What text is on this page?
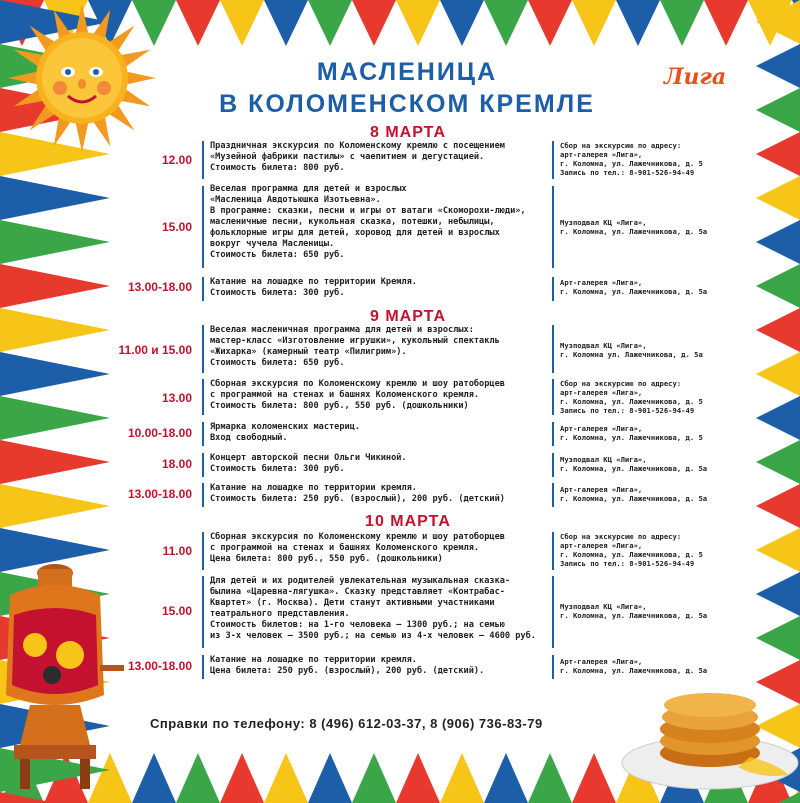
МАСЛЕНИЦА
В КОЛОМЕНСКОМ КРЕМЛЕ
Лига
8 МАРТА
12.00
Праздничная экскурсия по Коломенскому кремлю с посещением
«Музейной фабрики пастилы» с чаепитием и дегустацией.
Стоимость билета: 800 руб.
Сбор на экскурсию по адресу:
арт-галерея «Лига»,
г. Коломна, ул. Лажечникова, д. 5
Запись по тел.: 8-901-526-94-49
15.00
Веселая программа для детей и взрослых
«Масленица Авдотьюшка Изотьевна».
В программе: сказки, песни и игры от ватаги «Скоморохи-люди»,
масленичные песни, кукольная сказка, потешки, небылицы,
фольклорные игры для детей, хоровод для детей и взрослых
вокруг чучела Масленицы.
Стоимость билета: 650 руб.
Музподвал КЦ «Лига»,
г. Коломна, ул. Лажечникова, д. 5а
13.00-18.00 Катание на лошадке по территории Кремля.
Стоимость билета: 300 руб.
Арт-галерея «Лига»,
г. Коломна, ул. Лажечникова, д. 5а
9 МАРТА
11.00 и 15.00
Веселая масленичная программа для детей и взрослых:
мастер-класс «Изготовление игрушки», кукольный спектакль
«Жихарка» (камерный театр «Пилигрим»).
Стоимость билета: 650 руб.
Музподвал КЦ «Лига»,
г. Коломна ул. Лажечникова, д. 5а
13.00
Сборная экскурсия по Коломенскому кремлю и шоу ратоборцев
с программой на стенах и башнях Коломенского кремля.
Стоимость билета: 800 руб., 550 руб. (дошкольники)
Сбор на экскурсию по адресу:
арт-галерея «Лига»,
г. Коломна, ул. Лажечникова, д. 5
Запись по тел.: 8-901-526-94-49
10.00-18.00 Ярмарка коломенских мастериц.
Вход свободный.
Арт-галерея «Лига»,
г. Коломна, ул. Лажечникова, д. 5
18.00 Концерт авторской песни Ольги Чикиной.
Стоимость билета: 300 руб.
Музподвал КЦ «Лига»,
г. Коломна, ул. Лажечникова, д. 5а
13.00-18.00 Катание на лошадке по территории кремля.
Стоимость билета: 250 руб. (взрослый), 200 руб. (детский)
Арт-галерея «Лига»,
г. Коломна, ул. Лажечникова, д. 5а
10 МАРТА
11.00
Сборная экскурсия по Коломенскому кремлю и шоу ратоборцев
с программой на стенах и башнях Коломенского кремля.
Цена билета: 800 руб., 550 руб. (дошкольники)
Сбор на экскурсию по адресу:
арт-галерея «Лига»,
г. Коломна, ул. Лажечникова, д. 5
Запись по тел.: 8-901-526-94-49
15.00
Для детей и их родителей увлекательная музыкальная сказка-
былина «Царевна-лягушка». Сказку представляет «Контрабас-
Квартет» (г. Москва). Дети станут активными участниками
театрального представления.
Стоимость билетов: на 1-го человека – 1300 руб.; на семью
из 3-х человек – 3500 руб.; на семью из 4-х человек – 4600 руб.
Музподвал КЦ «Лига»,
г. Коломна, ул. Лажечникова, д. 5а
13.00-18.00 Катание на лошадке по территории кремля.
Цена билета: 250 руб. (взрослый), 200 руб. (детский).
Арт-галерея «Лига»,
г. Коломна, ул. Лажечникова, д. 5а
Справки по телефону: 8 (496) 612-03-37, 8 (906) 736-83-79
